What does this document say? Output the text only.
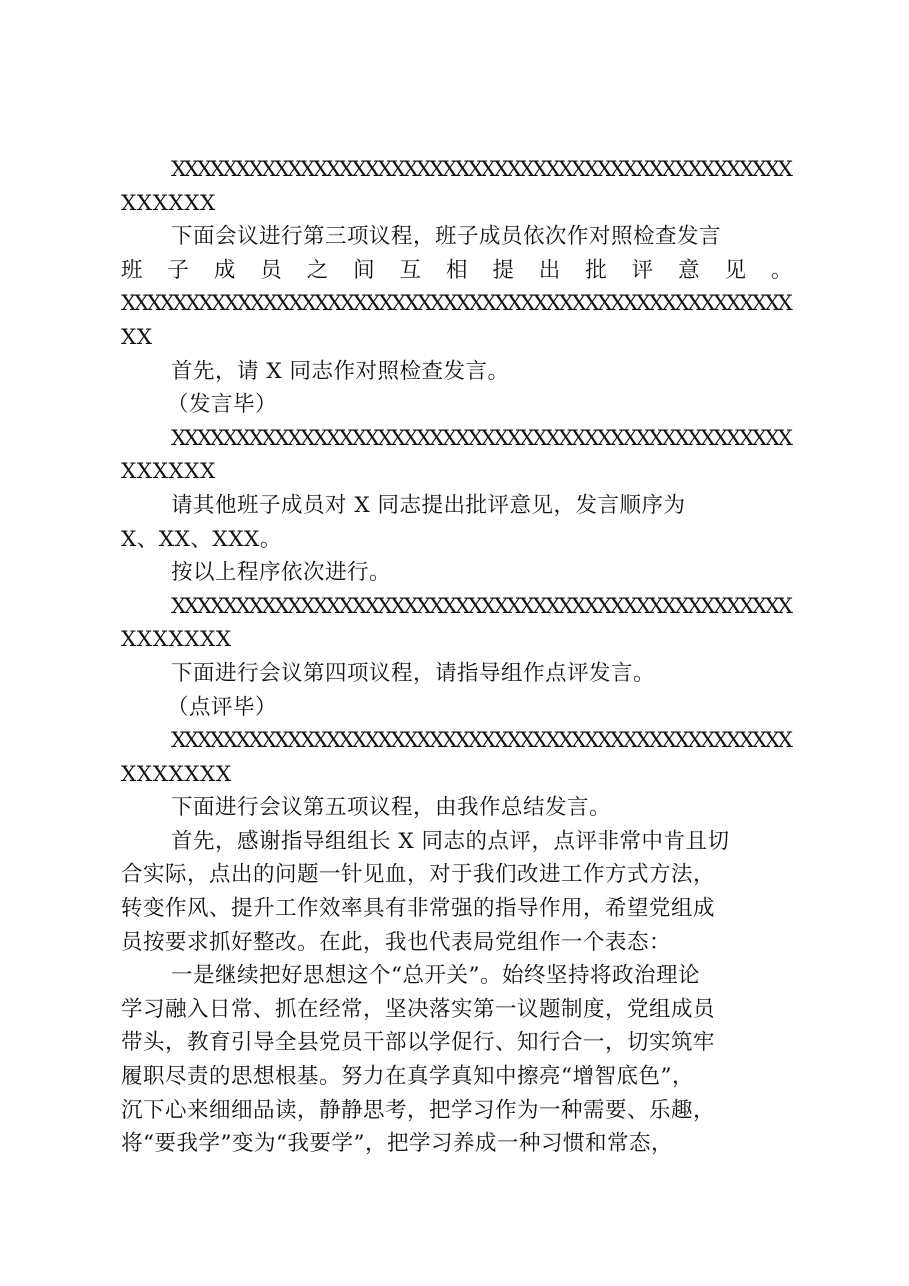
XXXXXXXXXXXXXXXXXXXXXXXXXXXXXXXXXXXXXXXXXXXXXXXX
XXXXXX
下面会议进行第三项议程，班子成员依次作对照检查发言
班 子 成 员 之 间 互 相 提 出 批 评 意 见 。
XXXXXXXXXXXXXXXXXXXXXXXXXXXXXXXXXXXXXXXXXXXXXXXXXXXX
XX
首先，请 X 同志作对照检查发言。
（发言毕）
XXXXXXXXXXXXXXXXXXXXXXXXXXXXXXXXXXXXXXXXXXXXXXXX
XXXXXX
请其他班子成员对 X 同志提出批评意见，发言顺序为
X、XX、XXX。
按以上程序依次进行。
XXXXXXXXXXXXXXXXXXXXXXXXXXXXXXXXXXXXXXXXXXXXXXXX
XXXXXXX
下面进行会议第四项议程，请指导组作点评发言。
（点评毕）
XXXXXXXXXXXXXXXXXXXXXXXXXXXXXXXXXXXXXXXXXXXXXXXX
XXXXXXX
下面进行会议第五项议程，由我作总结发言。
首先，感谢指导组组长 X 同志的点评，点评非常中肯且切
合实际，点出的问题一针见血，对于我们改进工作方式方法，
转变作风、提升工作效率具有非常强的指导作用，希望党组成
员按要求抓好整改。在此，我也代表局党组作一个表态：
一是继续把好思想这个“总开关”。始终坚持将政治理论
学习融入日常、抓在经常，坚决落实第一议题制度，党组成员
带头，教育引导全县党员干部以学促行、知行合一，切实筑牢
履职尽责的思想根基。努力在真学真知中擦亮“增智底色”，
沉下心来细细品读，静静思考，把学习作为一种需要、乐趣，
将“要我学”变为“我要学”，把学习养成一种习惯和常态，
